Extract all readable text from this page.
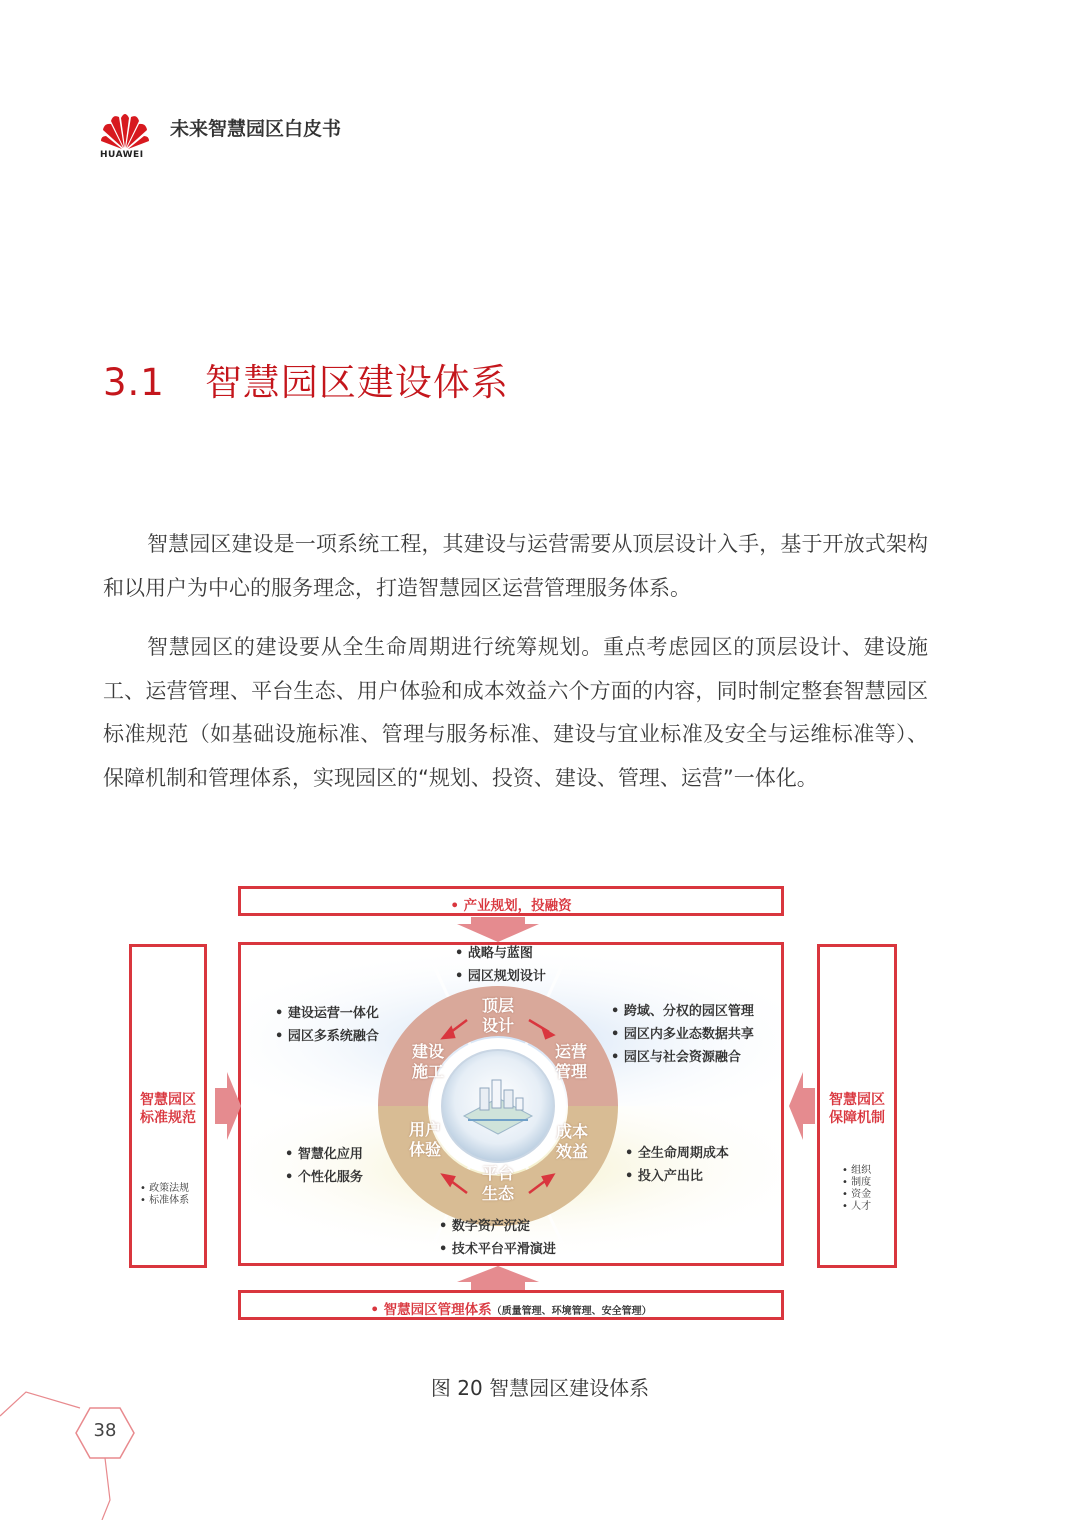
HUAWEI
未来智慧园区白皮书
3.1 智慧园区建设体系

智慧园区建设是一项系统工程，其建设与运营需要从顶层设计入手，基于开放式架构和以用户为中心的服务理念，打造智慧园区运营管理服务体系。

智慧园区的建设要从全生命周期进行统筹规划。重点考虑园区的顶层设计、建设施工、运营管理、平台生态、用户体验和成本效益六个方面的内容，同时制定整套智慧园区标准规范（如基础设施标准、管理与服务标准、建设与宜业标准及安全与运维标准等）、保障机制和管理体系，实现园区的“规划、投资、建设、管理、运营”一体化。

• 产业规划，投融资
• 智慧园区管理体系（质量管理、环境管理、安全管理）
智慧园区
标准规范
• 政策法规
• 标准体系
智慧园区
保障机制
• 组织
• 制度
• 资金
• 人才
顶层
设计
运营
管理
成本
效益
平台
生态
用户
体验
建设
施工
• 战略与蓝图
• 园区规划设计
• 建设运营一体化
• 园区多系统融合
• 跨域、分权的园区管理
• 园区内多业态数据共享
• 园区与社会资源融合
• 智慧化应用
• 个性化服务
• 全生命周期成本
• 投入产出比
• 数字资产沉淀
• 技术平台平滑演进
图 20 智慧园区建设体系
38
